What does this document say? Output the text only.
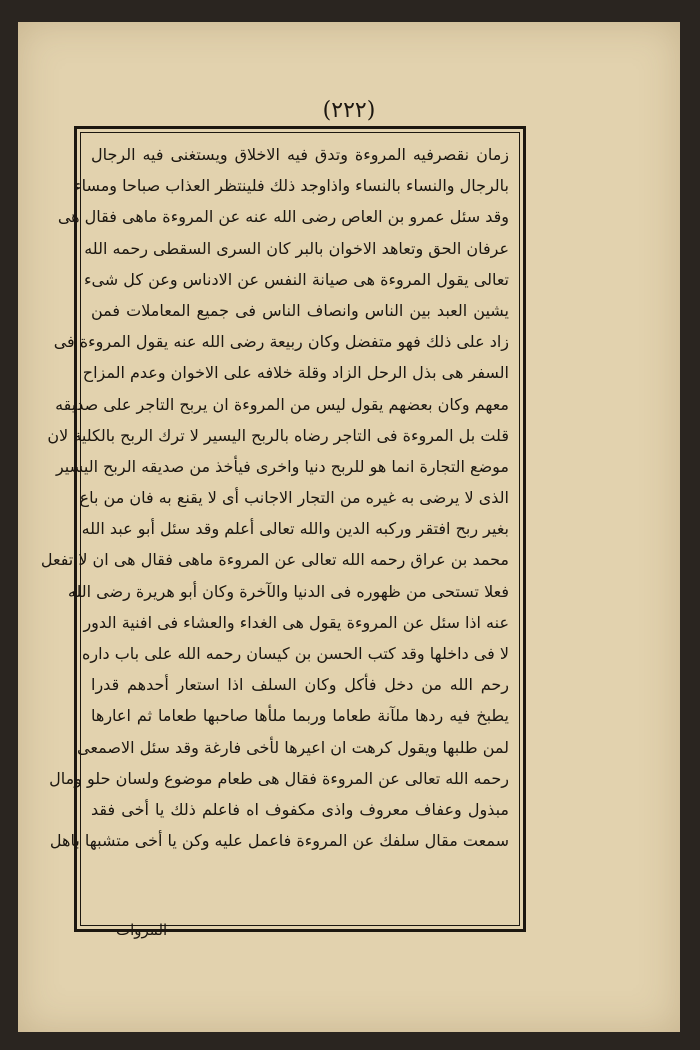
(٢٢٢)
زمان نقصرفيه المروءة وتدق فيه الاخلاق ويستغنى فيه الرجال
بالرجال والنساء بالنساء واذاوجد ذلك فلينتظر العذاب صباحا ومساء
وقد سئل عمرو بن العاص رضى الله عنه عن المروءة ماهى فقال هى
عرفان الحق وتعاهد الاخوان بالبر كان السرى السقطى رحمه الله
تعالى يقول المروءة هى صيانة النفس عن الادناس وعن كل شىء
يشين العبد بين الناس وانصاف الناس فى جميع المعاملات فمن
زاد على ذلك فهو متفضل وكان ربيعة رضى الله عنه يقول المروءة فى
السفر هى بذل الرحل الزاد وقلة خلافه على الاخوان وعدم المزاح
معهم وكان بعضهم يقول ليس من المروءة ان يربح التاجر على صديقه
قلت بل المروءة فى التاجر رضاه بالربح اليسير لا ترك الربح بالكلية لان
موضع التجارة انما هو للربح دنيا واخرى فيأخذ من صديقه الربح اليسير
الذى لا يرضى به غيره من التجار الاجانب أى لا يقنع به فان من باع
بغير ربح افتقر وركبه الدين والله تعالى أعلم وقد سئل أبو عبد الله
محمد بن عراق رحمه الله تعالى عن المروءة ماهى فقال هى ان لا تفعل
فعلا تستحى من ظهوره فى الدنيا والآخرة وكان أبو هريرة رضى الله
عنه اذا سئل عن المروءة يقول هى الغداء والعشاء فى افنية الدور
لا فى داخلها وقد كتب الحسن بن كيسان رحمه الله على باب داره
رحم الله من دخل فأكل وكان السلف اذا استعار أحدهم قدرا
يطبخ فيه ردها ملآنة طعاما وربما ملأها صاحبها طعاما ثم اعارها
لمن طلبها ويقول كرهت ان اعيرها لأخى فارغة وقد سئل الاصمعى
رحمه الله تعالى عن المروءة فقال هى طعام موضوع ولسان حلو ومال
مبذول وعفاف معروف واذى مكفوف اه فاعلم ذلك يا أخى فقد
سمعت مقال سلفك عن المروءة فاعمل عليه وكن يا أخى متشبها باهل
المروات
